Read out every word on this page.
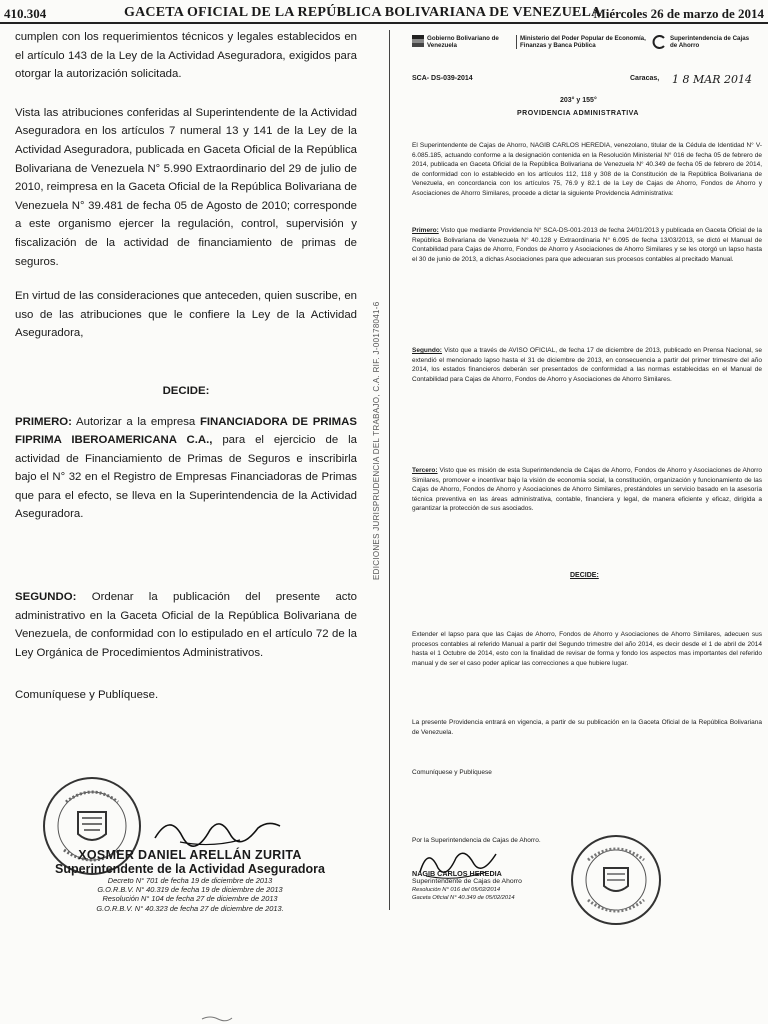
410.304	GACETA OFICIAL DE LA REPÚBLICA BOLIVARIANA DE VENEZUELA
Miércoles 26 de marzo de 2014

cumplen con los requerimientos técnicos y legales establecidos en el artículo 143 de la Ley de la Actividad Aseguradora, exigidos para otorgar la autorización solicitada.

Vista las atribuciones conferidas al Superintendente de la Actividad Aseguradora en los artículos 7 numeral 13 y 141 de la Ley de la Actividad Aseguradora, publicada en Gaceta Oficial de la República Bolivariana de Venezuela N° 5.990 Extraordinario del 29 de julio de 2010, reimpresa en la Gaceta Oficial de la República Bolivariana de Venezuela N° 39.481 de fecha 05 de Agosto de 2010; corresponde a este organismo ejercer la regulación, control, supervisión y fiscalización de la actividad de financiamiento de primas de seguros.

En virtud de las consideraciones que anteceden, quien suscribe, en uso de las atribuciones que le confiere la Ley de la Actividad Aseguradora,

DECIDE:

PRIMERO: Autorizar a la empresa FINANCIADORA DE PRIMAS FIPRIMA IBEROAMERICANA C.A., para el ejercicio de la actividad de Financiamiento de Primas de Seguros e inscribirla bajo el N° 32 en el Registro de Empresas Financiadoras de Primas que para el efecto, se lleva en la Superintendencia de la Actividad Aseguradora.

SEGUNDO: Ordenar la publicación del presente acto administrativo en la Gaceta Oficial de la República Bolivariana de Venezuela, de conformidad con lo estipulado en el artículo 72 de la Ley Orgánica de Procedimientos Administrativos.

Comuníquese y Publíquese.

EDICIONES JURISPRUDENCIA DEL TRABAJO, C.A. RIF. J-00178041-6
XOSMER DANIEL ARELLÁN ZURITA
Superintendente de la Actividad Aseguradora
Decreto N° 701 de fecha 19 de diciembre de 2013
G.O.R.B.V. N° 40.319 de fecha 19 de diciembre de 2013
Resolución N° 104 de fecha 27 de diciembre de 2013
G.O.R.B.V. N° 40.323 de fecha 27 de diciembre de 2013.
Gobierno Bolivariano de Venezuela
Ministerio del Poder Popular de Economía, Finanzas y Banca Pública
Superintendencia de Cajas de Ahorro
SCA- DS-039-2014	Caracas, 1 8 MAR 2014
203° y 155°
PROVIDENCIA ADMINISTRATIVA
El Superintendente de Cajas de Ahorro, NAGIB CARLOS HEREDIA, venezolano, titular de la Cédula de Identidad N° V- 6.085.185, actuando conforme a la designación contenida en la Resolución Ministerial N° 016 de fecha 05 de febrero de 2014, publicada en Gaceta Oficial de la República Bolivariana de Venezuela N° 40.349 de fecha 05 de febrero de 2014, de conformidad con lo establecido en los artículos 112, 118 y 308 de la Constitución de la República Bolivariana de Venezuela, en concordancia con los artículos 75, 76.9 y 82.1 de la Ley de Cajas de Ahorro, Fondos de Ahorro y Asociaciones de Ahorro Similares, procede a dictar la siguiente Providencia Administrativa:
Primero: Visto que mediante Providencia N° SCA-DS-001-2013 de fecha 24/01/2013 y publicada en Gaceta Oficial de la República Bolivariana de Venezuela N° 40.128 y Extraordinaria N° 6.095 de fecha 13/03/2013, se dictó el Manual de Contabilidad para Cajas de Ahorro, Fondos de Ahorro y Asociaciones de Ahorro Similares y se les otorgó un lapso hasta el 30 de junio de 2013, a dichas Asociaciones para que adecuaran sus procesos contables al precitado Manual.
Segundo: Visto que a través de AVISO OFICIAL, de fecha 17 de diciembre de 2013, publicado en Prensa Nacional, se extendió el mencionado lapso hasta el 31 de diciembre de 2013, en consecuencia a partir del primer trimestre del año 2014, los estados financieros deberán ser presentados de conformidad a las normas establecidas en el Manual de Contabilidad para Cajas de Ahorro, Fondos de Ahorro y Asociaciones de Ahorro Similares.
Tercero: Visto que es misión de esta Superintendencia de Cajas de Ahorro, Fondos de Ahorro y Asociaciones de Ahorro Similares, promover e incentivar bajo la visión de economía social, la constitución, organización y funcionamiento de las Cajas de Ahorro, Fondos de Ahorro y Asociaciones de Ahorro Similares, prestándoles un servicio basado en la asesoría técnica preventiva en las áreas administrativa, contable, financiera y legal, de manera eficiente y eficaz, dirigida a garantizar la protección de sus asociados.
DECIDE:
Extender el lapso para que las Cajas de Ahorro, Fondos de Ahorro y Asociaciones de Ahorro Similares, adecuen sus procesos contables al referido Manual a partir del Segundo trimestre del año 2014, es decir desde el 1 de abril de 2014 hasta el 1 Octubre de 2014, esto con la finalidad de revisar de forma y fondo los aspectos mas importantes del referido manual y de ser el caso poder aplicar las correcciones a que hubiere lugar.
La presente Providencia entrará en vigencia, a partir de su publicación en la Gaceta Oficial de la República Bolivariana de Venezuela.
Comuníquese y Publíquese
Por la Superintendencia de Cajas de Ahorro.
NAGIB CARLOS HEREDIA
Superintendente de Cajas de Ahorro
Resolución N° 016 del 05/02/2014
Gaceta Oficial N° 40.349 de 05/02/2014
